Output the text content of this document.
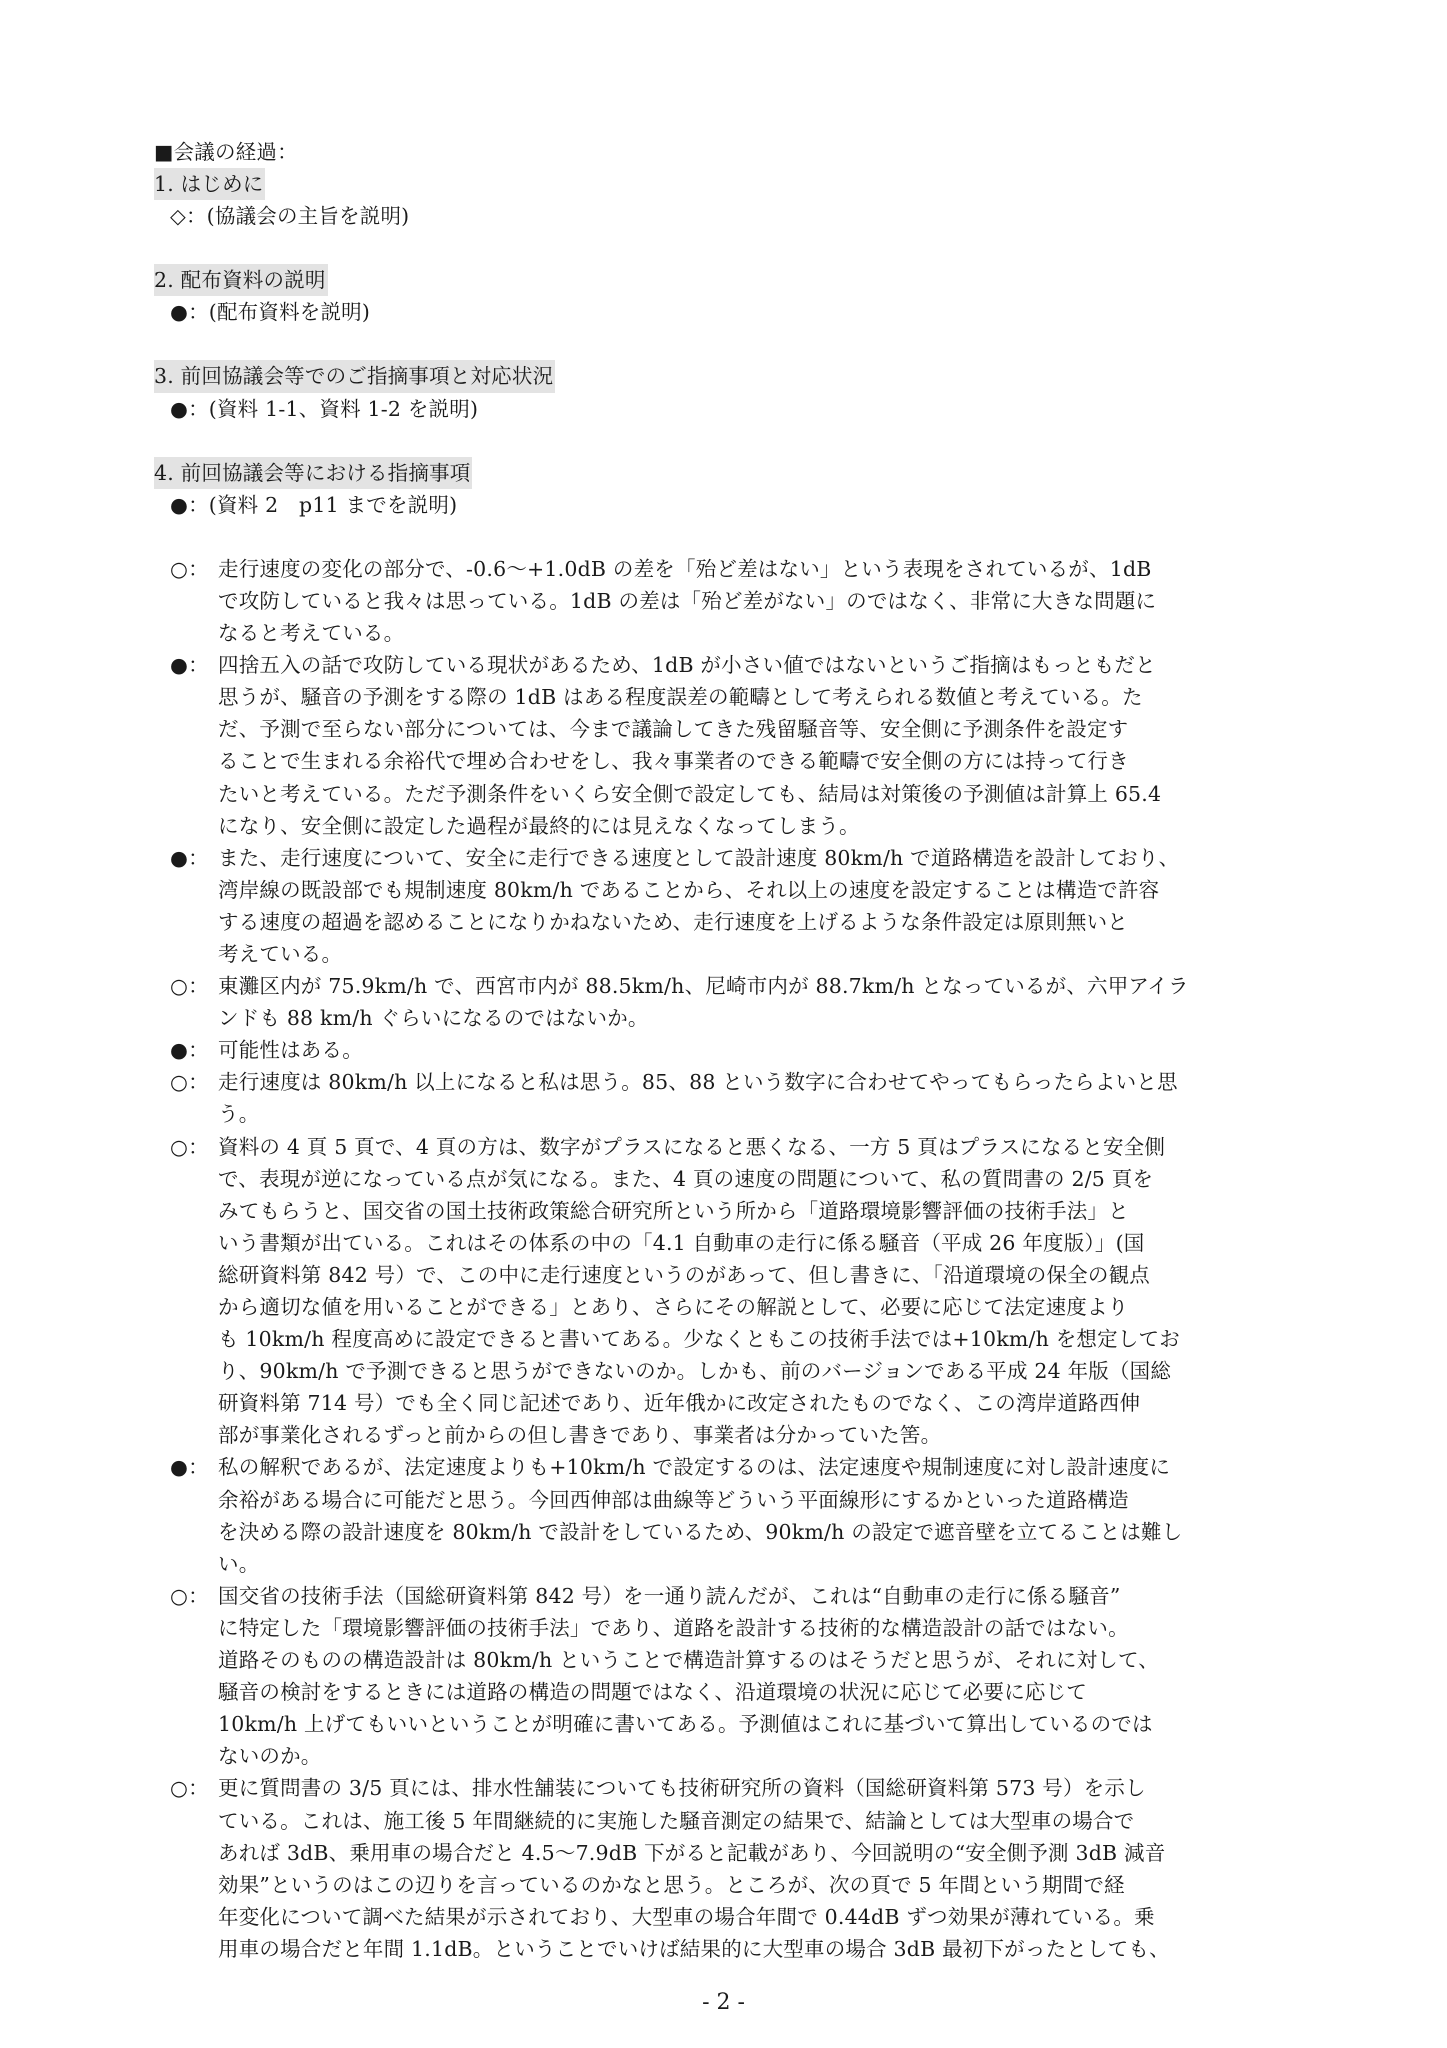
■会議の経過：
1. はじめに
◇：(協議会の主旨を説明)
2. 配布資料の説明
●：(配布資料を説明)
3. 前回協議会等でのご指摘事項と対応状況
●：(資料 1-1、資料 1-2 を説明)
4. 前回協議会等における指摘事項
●：(資料 2　p11 までを説明)
○： 走行速度の変化の部分で、-0.6～+1.0dB の差を「殆ど差はない」という表現をされているが、1dB
で攻防していると我々は思っている。1dB の差は「殆ど差がない」のではなく、非常に大きな問題に
なると考えている。
●： 四捨五入の話で攻防している現状があるため、1dB が小さい値ではないというご指摘はもっともだと
思うが、騒音の予測をする際の 1dB はある程度誤差の範疇として考えられる数値と考えている。た
だ、予測で至らない部分については、今まで議論してきた残留騒音等、安全側に予測条件を設定す
ることで生まれる余裕代で埋め合わせをし、我々事業者のできる範疇で安全側の方には持って行き
たいと考えている。ただ予測条件をいくら安全側で設定しても、結局は対策後の予測値は計算上 65.4
になり、安全側に設定した過程が最終的には見えなくなってしまう。
●： また、走行速度について、安全に走行できる速度として設計速度 80km/h で道路構造を設計しており、
湾岸線の既設部でも規制速度 80km/h であることから、それ以上の速度を設定することは構造で許容
する速度の超過を認めることになりかねないため、走行速度を上げるような条件設定は原則無いと
考えている。
○： 東灘区内が 75.9km/h で、西宮市内が 88.5km/h、尼崎市内が 88.7km/h となっているが、六甲アイラ
ンドも 88 km/h ぐらいになるのではないか。
●： 可能性はある。
○： 走行速度は 80km/h 以上になると私は思う。85、88 という数字に合わせてやってもらったらよいと思
う。
○： 資料の 4 頁 5 頁で、4 頁の方は、数字がプラスになると悪くなる、一方 5 頁はプラスになると安全側
で、表現が逆になっている点が気になる。また、4 頁の速度の問題について、私の質問書の 2/5 頁を
みてもらうと、国交省の国土技術政策総合研究所という所から「道路環境影響評価の技術手法」と
いう書類が出ている。これはその体系の中の「4.1 自動車の走行に係る騒音（平成 26 年度版）」(国
総研資料第 842 号）で、この中に走行速度というのがあって、但し書きに、「沿道環境の保全の観点
から適切な値を用いることができる」とあり、さらにその解説として、必要に応じて法定速度より
も 10km/h 程度高めに設定できると書いてある。少なくともこの技術手法では+10km/h を想定してお
り、90km/h で予測できると思うができないのか。しかも、前のバージョンである平成 24 年版（国総
研資料第 714 号）でも全く同じ記述であり、近年俄かに改定されたものでなく、この湾岸道路西伸
部が事業化されるずっと前からの但し書きであり、事業者は分かっていた筈。
●： 私の解釈であるが、法定速度よりも+10km/h で設定するのは、法定速度や規制速度に対し設計速度に
余裕がある場合に可能だと思う。今回西伸部は曲線等どういう平面線形にするかといった道路構造
を決める際の設計速度を 80km/h で設計をしているため、90km/h の設定で遮音壁を立てることは難し
い。
○： 国交省の技術手法（国総研資料第 842 号）を一通り読んだが、これは“自動車の走行に係る騒音”
に特定した「環境影響評価の技術手法」であり、道路を設計する技術的な構造設計の話ではない。
道路そのものの構造設計は 80km/h ということで構造計算するのはそうだと思うが、それに対して、
騒音の検討をするときには道路の構造の問題ではなく、沿道環境の状況に応じて必要に応じて
10km/h 上げてもいいということが明確に書いてある。予測値はこれに基づいて算出しているのでは
ないのか。
○： 更に質問書の 3/5 頁には、排水性舗装についても技術研究所の資料（国総研資料第 573 号）を示し
ている。これは、施工後 5 年間継続的に実施した騒音測定の結果で、結論としては大型車の場合で
あれば 3dB、乗用車の場合だと 4.5～7.9dB 下がると記載があり、今回説明の“安全側予測 3dB 減音
効果”というのはこの辺りを言っているのかなと思う。ところが、次の頁で 5 年間という期間で経
年変化について調べた結果が示されており、大型車の場合年間で 0.44dB ずつ効果が薄れている。乗
用車の場合だと年間 1.1dB。ということでいけば結果的に大型車の場合 3dB 最初下がったとしても、
- 2 -
